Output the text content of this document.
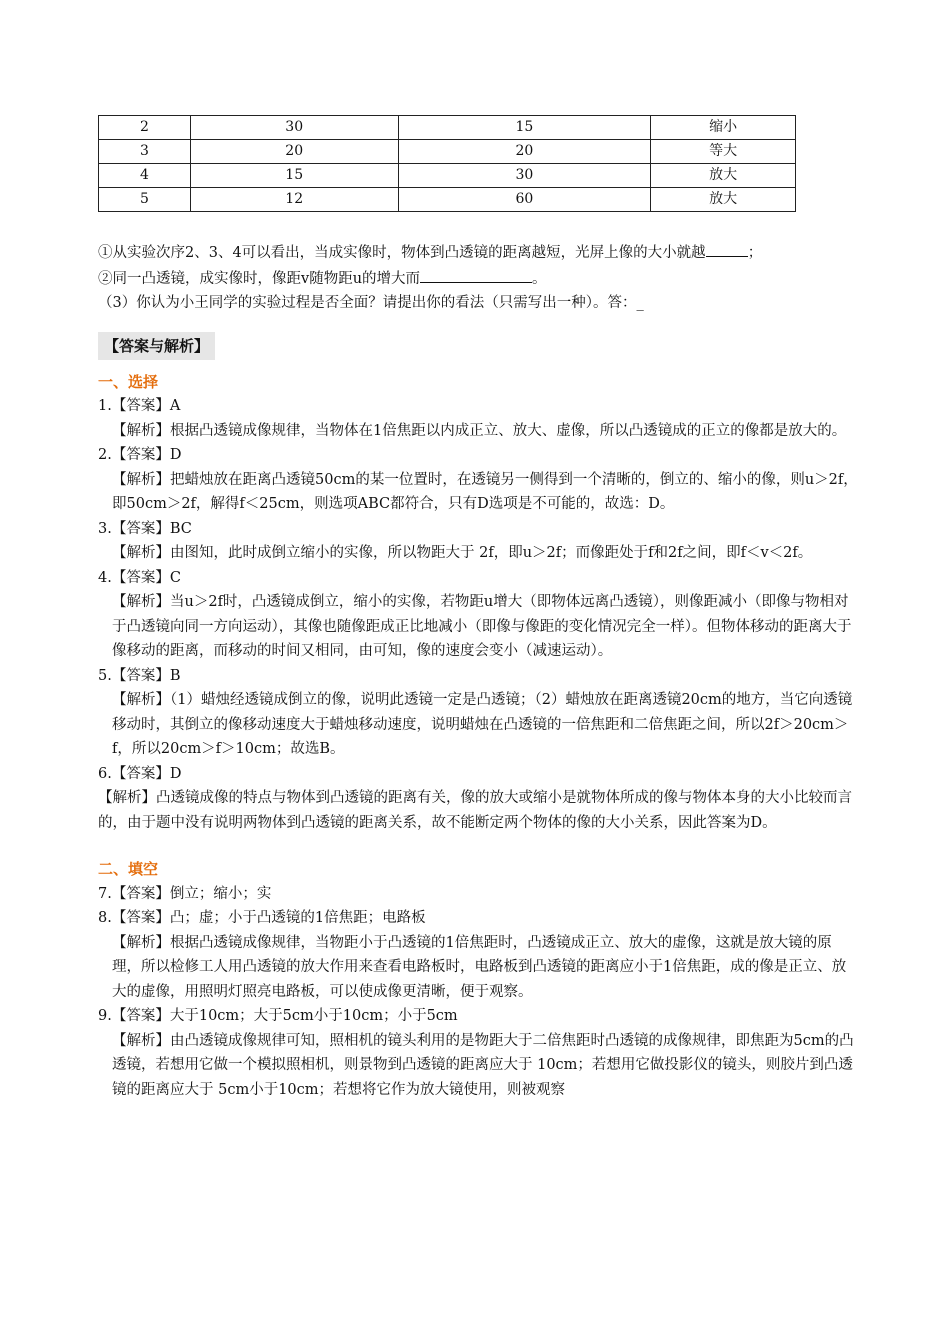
2	30	15	缩小
3	20	20	等大
4	15	30	放大
5	12	60	放大

①从实验次序2、3、4可以看出，当成实像时，物体到凸透镜的距离越短，光屏上像的大小就越	；

②同一凸透镜，成实像时，像距v随物距u的增大而	。

（3）你认为小王同学的实验过程是否全面？请提出你的看法（只需写出一种）。答：_

【答案与解析】

一、选择

1.【答案】A

【解析】根据凸透镜成像规律，当物体在1倍焦距以内成正立、放大、虚像，所以凸透镜成的正立的像都是放大的。

2.【答案】D

【解析】把蜡烛放在距离凸透镜50cm的某一位置时，在透镜另一侧得到一个清晰的，倒立的、缩小的像，则u＞2f，即50cm＞2f，解得f＜25cm，则选项ABC都符合，只有D选项是不可能的，故选：D。

3.【答案】BC

【解析】由图知，此时成倒立缩小的实像，所以物距大于 2f，即u＞2f；而像距处于f和2f之间，即f＜v＜2f。

4.【答案】C

【解析】当u＞2f时，凸透镜成倒立，缩小的实像，若物距u增大（即物体远离凸透镜），则像距减小（即像与物相对于凸透镜向同一方向运动），其像也随像距成正比地减小（即像与像距的变化情况完全一样）。但物体移动的距离大于像移动的距离，而移动的时间又相同，由可知，像的速度会变小（减速运动）。

5.【答案】B

【解析】（1）蜡烛经透镜成倒立的像，说明此透镜一定是凸透镜；（2）蜡烛放在距离透镜20cm的地方，当它向透镜移动时，其倒立的像移动速度大于蜡烛移动速度，说明蜡烛在凸透镜的一倍焦距和二倍焦距之间，所以2f＞20cm＞f，所以20cm＞f＞10cm；故选B。

6.【答案】D

【解析】凸透镜成像的特点与物体到凸透镜的距离有关，像的放大或缩小是就物体所成的像与物体本身的大小比较而言的，由于题中没有说明两物体到凸透镜的距离关系，故不能断定两个物体的像的大小关系，因此答案为D。

二、填空

7.【答案】倒立；缩小；实

8.【答案】凸；虚；小于凸透镜的1倍焦距；电路板

【解析】根据凸透镜成像规律，当物距小于凸透镜的1倍焦距时，凸透镜成正立、放大的虚像，这就是放大镜的原理，所以检修工人用凸透镜的放大作用来查看电路板时，电路板到凸透镜的距离应小于1倍焦距，成的像是正立、放大的虚像，用照明灯照亮电路板，可以使成像更清晰，便于观察。

9.【答案】大于10cm；大于5cm小于10cm；小于5cm

【解析】由凸透镜成像规律可知，照相机的镜头利用的是物距大于二倍焦距时凸透镜的成像规律，即焦距为5cm的凸透镜，若想用它做一个模拟照相机，则景物到凸透镜的距离应大于 10cm；若想用它做投影仪的镜头，则胶片到凸透镜的距离应大于 5cm小于10cm；若想将它作为放大镜使用，则被观察
